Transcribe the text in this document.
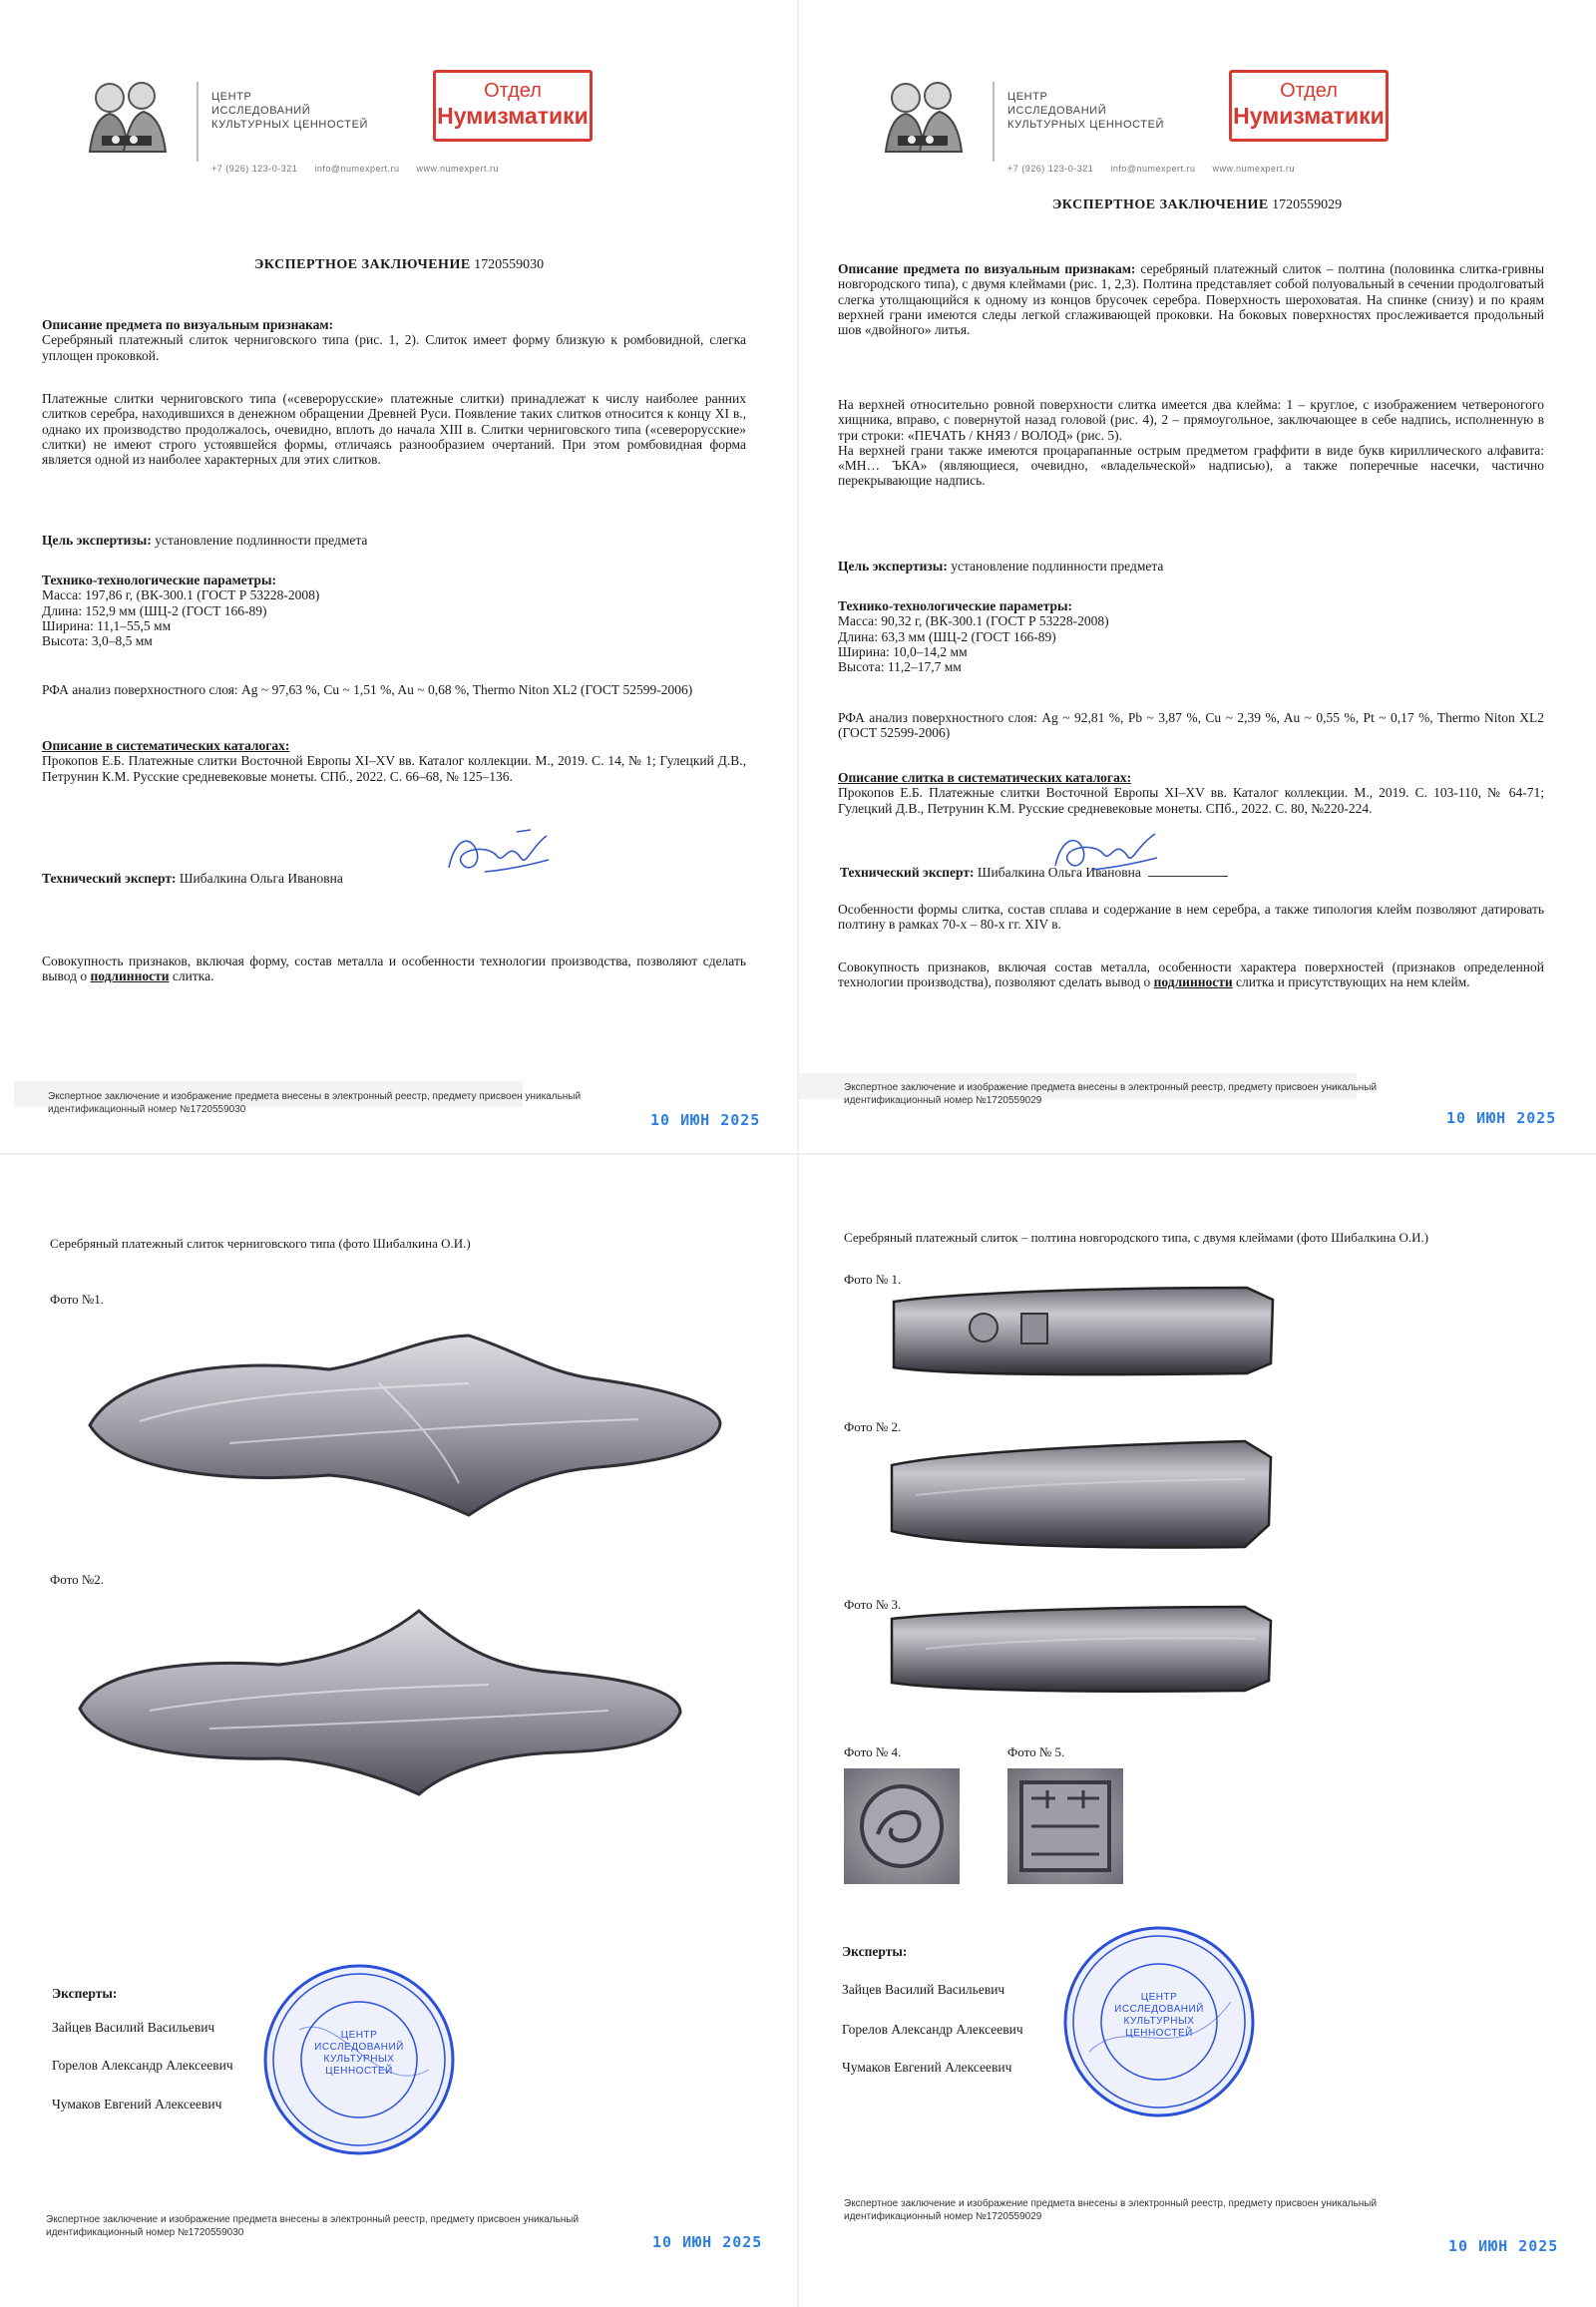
ЦЕНТР
ИССЛЕДОВАНИЙ
КУЛЬТУРНЫХ ЦЕННОСТЕЙ
Отдел
Нумизматики
+7 (926) 123-0-321 info@numexpert.ru www.numexpert.ru
ЭКСПЕРТНОЕ ЗАКЛЮЧЕНИЕ 1720559030

Описание предмета по визуальным признакам:

Серебряный платежный слиток черниговского типа (рис. 1, 2). Слиток имеет форму близкую к ромбовидной, слегка уплощен проковкой.

Платежные слитки черниговского типа («северорусские» платежные слитки) принадлежат к числу наиболее ранних слитков серебра, находившихся в денежном обращении Древней Руси. Появление таких слитков относится к концу XI в., однако их производство продолжалось, очевидно, вплоть до начала XIII в. Слитки черниговского типа («северорусские» слитки) не имеют строго устоявшейся формы, отличаясь разнообразием очертаний. При этом ромбовидная форма является одной из наиболее характерных для этих слитков.

Цель экспертизы: установление подлинности предмета

Технико-технологические параметры:

Масса: 197,86 г, (ВК-300.1 (ГОСТ Р 53228-2008)

Длина: 152,9 мм (ШЦ-2 (ГОСТ 166-89)

Ширина: 11,1–55,5 мм

Высота: 3,0–8,5 мм

РФА анализ поверхностного слоя: Ag ~ 97,63 %, Cu ~ 1,51 %, Au ~ 0,68 %, Thermo Niton XL2 (ГОСТ 52599-2006)

Описание в систематических каталогах:

Прокопов Е.Б. Платежные слитки Восточной Европы XI–XV вв. Каталог коллекции. М., 2019. С. 14, № 1; Гулецкий Д.В., Петрунин К.М. Русские средневековые монеты. СПб., 2022. С. 66–68, № 125–136.

Технический эксперт: Шибалкина Ольга Ивановна

Совокупность признаков, включая форму, состав металла и особенности технологии производства, позволяют сделать вывод о подлинности слитка.

Экспертное заключение и изображение предмета внесены в электронный реестр, предмету присвоен уникальный
идентификационный номер №1720559030
10 ИЮН 2025
ЦЕНТР
ИССЛЕДОВАНИЙ
КУЛЬТУРНЫХ ЦЕННОСТЕЙ
Отдел
Нумизматики
+7 (926) 123-0-321 info@numexpert.ru www.numexpert.ru
ЭКСПЕРТНОЕ ЗАКЛЮЧЕНИЕ 1720559029

Описание предмета по визуальным признакам: серебряный платежный слиток – полтина (половинка слитка-гривны новгородского типа), с двумя клеймами (рис. 1, 2,3). Полтина представляет собой полуовальный в сечении продолговатый слегка утолщающийся к одному из концов брусочек серебра. Поверхность шероховатая. На спинке (снизу) и по краям верхней грани имеются следы легкой сглаживающей проковки. На боковых поверхностях прослеживается продольный шов «двойного» литья.

На верхней относительно ровной поверхности слитка имеется два клейма: 1 – круглое, с изображением четвероногого хищника, вправо, с повернутой назад головой (рис. 4), 2 – прямоугольное, заключающее в себе надпись, исполненную в три строки: «ПЕЧАТЬ / КНЯЗ / ВОЛОД» (рис. 5).

На верхней грани также имеются процарапанные острым предметом граффити в виде букв кириллического алфавита: «МН… ЪКА» (являющиеся, очевидно, «владельческой» надписью), а также поперечные насечки, частично перекрывающие надпись.

Цель экспертизы: установление подлинности предмета

Технико-технологические параметры:

Масса: 90,32 г, (ВК-300.1 (ГОСТ Р 53228-2008)

Длина: 63,3 мм (ШЦ-2 (ГОСТ 166-89)

Ширина: 10,0–14,2 мм

Высота: 11,2–17,7 мм

РФА анализ поверхностного слоя: Ag ~ 92,81 %, Pb ~ 3,87 %, Cu ~ 2,39 %, Au ~ 0,55 %, Pt ~ 0,17 %, Thermo Niton XL2 (ГОСТ 52599-2006)

Описание слитка в систематических каталогах:

Прокопов Е.Б. Платежные слитки Восточной Европы XI–XV вв. Каталог коллекции. М., 2019. С. 103-110, № 64-71; Гулецкий Д.В., Петрунин К.М. Русские средневековые монеты. СПб., 2022. С. 80, №220-224.

Технический эксперт: Шибалкина Ольга Ивановна

Особенности формы слитка, состав сплава и содержание в нем серебра, а также типология клейм позволяют датировать полтину в рамках 70-х – 80-х гг. XIV в.

Совокупность признаков, включая состав металла, особенности характера поверхностей (признаков определенной технологии производства), позволяют сделать вывод о подлинности слитка и присутствующих на нем клейм.

Экспертное заключение и изображение предмета внесены в электронный реестр, предмету присвоен уникальный
идентификационный номер №1720559029
10 ИЮН 2025
Серебряный платежный слиток черниговского типа (фото Шибалкина О.И.)
Фото №1.
Фото №2.
Эксперты:
Зайцев Василий Васильевич
Горелов Александр Алексеевич
Чумаков Евгений Алексеевич
ЦЕНТР
ИССЛЕДОВАНИЙ
КУЛЬТУРНЫХ
ЦЕННОСТЕЙ
Экспертное заключение и изображение предмета внесены в электронный реестр, предмету присвоен уникальный
идентификационный номер №1720559030
10 ИЮН 2025
Серебряный платежный слиток – полтина новгородского типа, с двумя клеймами (фото Шибалкина О.И.)
Фото № 1.
Фото № 2.
Фото № 3.
Фото № 4.	Фото № 5.
Эксперты:
Зайцев Василий Васильевич
Горелов Александр Алексеевич
Чумаков Евгений Алексеевич
ЦЕНТР
ИССЛЕДОВАНИЙ
КУЛЬТУРНЫХ
ЦЕННОСТЕЙ
Экспертное заключение и изображение предмета внесены в электронный реестр, предмету присвоен уникальный
идентификационный номер №1720559029
10 ИЮН 2025
